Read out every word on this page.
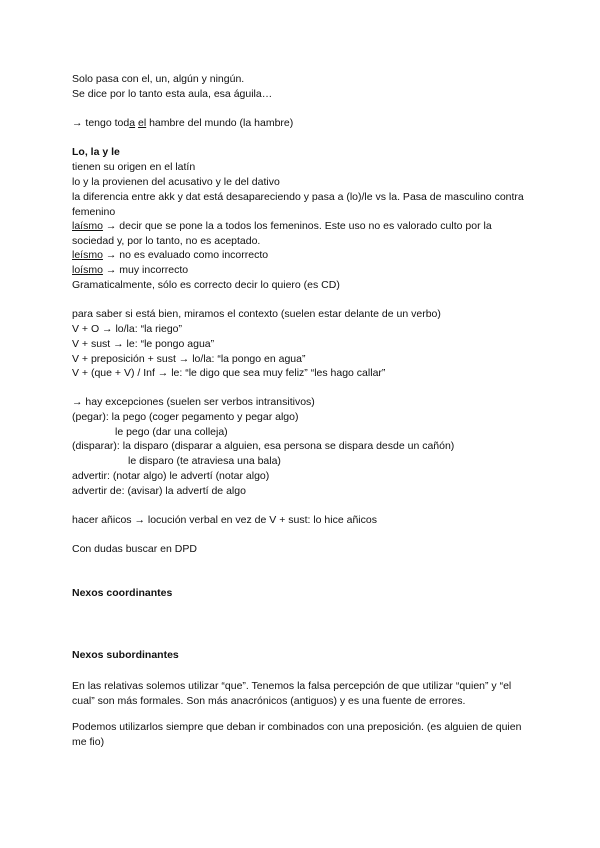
Solo pasa con el, un, algún y ningún.
Se dice por lo tanto esta aula, esa águila…
→ tengo toda el hambre del mundo (la hambre)
Lo, la y le
tienen su origen en el latín
lo y la provienen del acusativo y le del dativo
la diferencia entre akk y dat está desapareciendo y pasa a (lo)/le vs la. Pasa de masculino contra femenino
laísmo → decir que se pone la a todos los femeninos. Este uso no es valorado culto por la sociedad y, por lo tanto, no es aceptado.
leísmo → no es evaluado como incorrecto
loísmo → muy incorrecto
Gramaticalmente, sólo es correcto decir lo quiero (es CD)
para saber si está bien, miramos el contexto (suelen estar delante de un verbo)
V + O → lo/la: “la riego”
V + sust → le: “le pongo agua”
V + preposición + sust → lo/la: “la pongo en agua”
V + (que + V) / Inf → le: “le digo que sea muy feliz” “les hago callar”
→ hay excepciones (suelen ser verbos intransitivos)
(pegar): la pego (coger pegamento y pegar algo)
le pego (dar una colleja)
(disparar): la disparo (disparar a alguien, esa persona se dispara desde un cañón)
le disparo (te atraviesa una bala)
advertir: (notar algo) le advertí (notar algo)
advertir de: (avisar) la advertí de algo
hacer añicos → locución verbal en vez de V + sust: lo hice añicos
Con dudas buscar en DPD
Nexos coordinantes
Nexos subordinantes
En las relativas solemos utilizar “que”. Tenemos la falsa percepción de que utilizar “quien” y “el cual” son más formales. Son más anacrónicos (antiguos) y es una fuente de errores.
Podemos utilizarlos siempre que deban ir combinados con una preposición. (es alguien de quien me fio)
